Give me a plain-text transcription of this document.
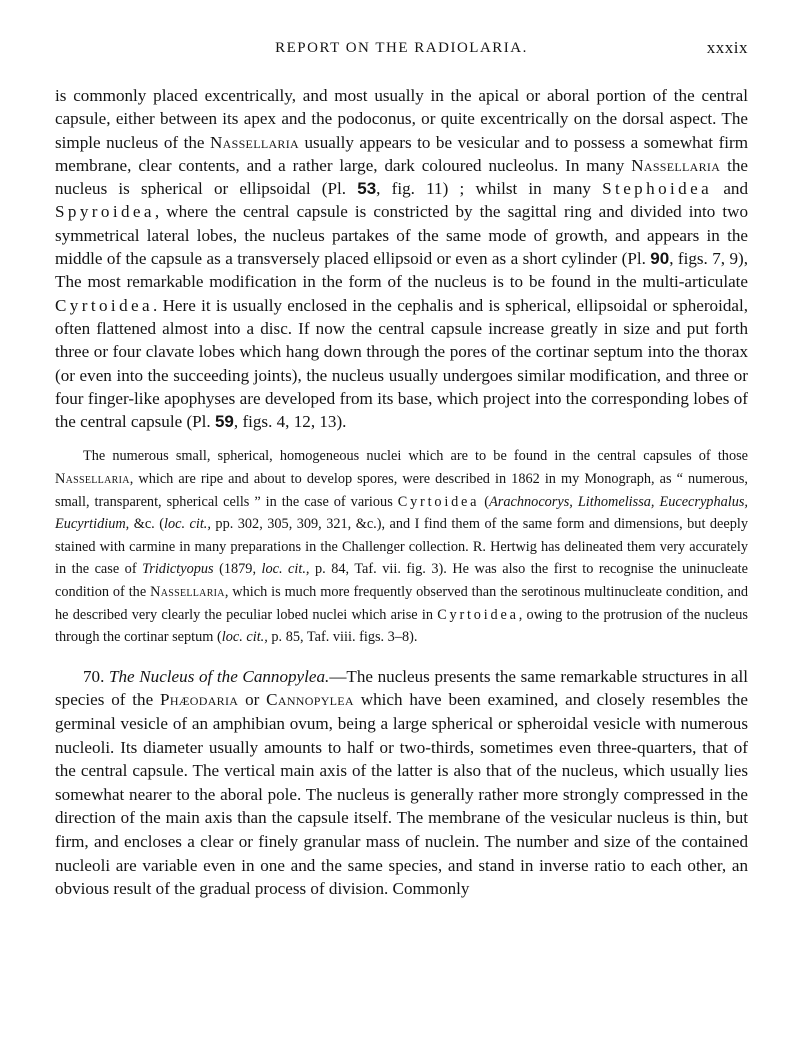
REPORT ON THE RADIOLARIA.	xxxix

is commonly placed excentrically, and most usually in the apical or aboral portion of the central capsule, either between its apex and the podoconus, or quite excentrically on the dorsal aspect. The simple nucleus of the Nassellaria usually appears to be vesicular and to possess a somewhat firm membrane, clear contents, and a rather large, dark coloured nucleolus. In many Nassellaria the nucleus is spherical or ellipsoidal (Pl. 53, fig. 11) ; whilst in many Stephoidea and Spyroidea, where the central capsule is constricted by the sagittal ring and divided into two symmetrical lateral lobes, the nucleus partakes of the same mode of growth, and appears in the middle of the capsule as a transversely placed ellipsoid or even as a short cylinder (Pl. 90, figs. 7, 9), The most remarkable modification in the form of the nucleus is to be found in the multi-articulate Cyrtoidea. Here it is usually enclosed in the cephalis and is spherical, ellipsoidal or spheroidal, often flattened almost into a disc. If now the central capsule increase greatly in size and put forth three or four clavate lobes which hang down through the pores of the cortinar septum into the thorax (or even into the succeeding joints), the nucleus usually undergoes similar modification, and three or four finger-like apophyses are developed from its base, which project into the corresponding lobes of the central capsule (Pl. 59, figs. 4, 12, 13).

The numerous small, spherical, homogeneous nuclei which are to be found in the central capsules of those Nassellaria, which are ripe and about to develop spores, were described in 1862 in my Monograph, as “ numerous, small, transparent, spherical cells ” in the case of various Cyrtoidea (Arachnocorys, Lithomelissa, Eucecryphalus, Eucyrtidium, &c. (loc. cit., pp. 302, 305, 309, 321, &c.), and I find them of the same form and dimensions, but deeply stained with carmine in many preparations in the Challenger collection. R. Hertwig has delineated them very accurately in the case of Tridictyopus (1879, loc. cit., p. 84, Taf. vii. fig. 3). He was also the first to recognise the uninucleate condition of the Nassellaria, which is much more frequently observed than the serotinous multinucleate condition, and he described very clearly the peculiar lobed nuclei which arise in Cyrtoidea, owing to the protrusion of the nucleus through the cortinar septum (loc. cit., p. 85, Taf. viii. figs. 3–8).

70. The Nucleus of the Cannopylea.—The nucleus presents the same remarkable structures in all species of the Phæodaria or Cannopylea which have been examined, and closely resembles the germinal vesicle of an amphibian ovum, being a large spherical or spheroidal vesicle with numerous nucleoli. Its diameter usually amounts to half or two-thirds, sometimes even three-quarters, that of the central capsule. The vertical main axis of the latter is also that of the nucleus, which usually lies somewhat nearer to the aboral pole. The nucleus is generally rather more strongly compressed in the direction of the main axis than the capsule itself. The membrane of the vesicular nucleus is thin, but firm, and encloses a clear or finely granular mass of nuclein. The number and size of the contained nucleoli are variable even in one and the same species, and stand in inverse ratio to each other, an obvious result of the gradual process of division. Commonly
